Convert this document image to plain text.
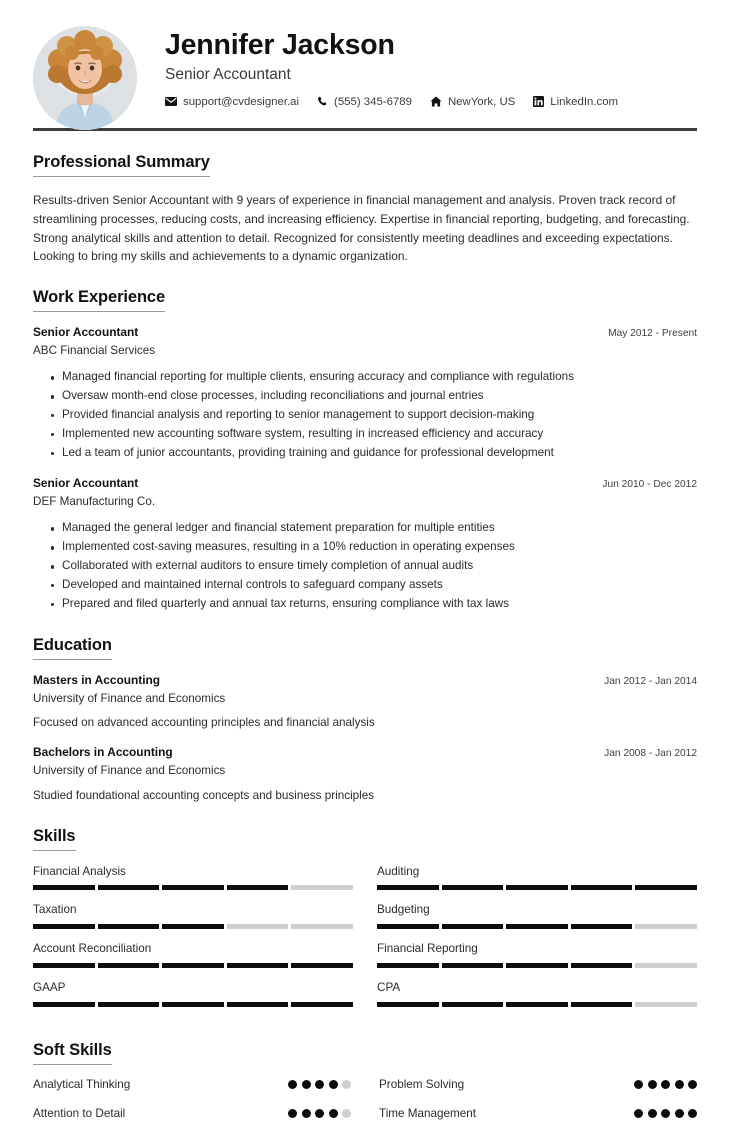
Jennifer Jackson
Senior Accountant
support@cvdesigner.ai	(555) 345-6789	NewYork, US	LinkedIn.com
Professional Summary

Results-driven Senior Accountant with 9 years of experience in financial management and analysis. Proven track record of streamlining processes, reducing costs, and increasing efficiency. Expertise in financial reporting, budgeting, and forecasting. Strong analytical skills and attention to detail. Recognized for consistently meeting deadlines and exceeding expectations. Looking to bring my skills and achievements to a dynamic organization.

Work Experience
Senior Accountant	May 2012 - Present
ABC Financial Services
Managed financial reporting for multiple clients, ensuring accuracy and compliance with regulations
Oversaw month-end close processes, including reconciliations and journal entries
Provided financial analysis and reporting to senior management to support decision-making
Implemented new accounting software system, resulting in increased efficiency and accuracy
Led a team of junior accountants, providing training and guidance for professional development
Senior Accountant	Jun 2010 - Dec 2012
DEF Manufacturing Co.
Managed the general ledger and financial statement preparation for multiple entities
Implemented cost-saving measures, resulting in a 10% reduction in operating expenses
Collaborated with external auditors to ensure timely completion of annual audits
Developed and maintained internal controls to safeguard company assets
Prepared and filed quarterly and annual tax returns, ensuring compliance with tax laws
Education
Masters in Accounting	Jan 2012 - Jan 2014
University of Finance and Economics
Focused on advanced accounting principles and financial analysis
Bachelors in Accounting	Jan 2008 - Jan 2012
University of Finance and Economics
Studied foundational accounting concepts and business principles
Skills
Financial Analysis	Auditing
Taxation	Budgeting
Account Reconciliation	Financial Reporting
GAAP	CPA
Soft Skills
Analytical Thinking	Problem Solving
Attention to Detail	Time Management
